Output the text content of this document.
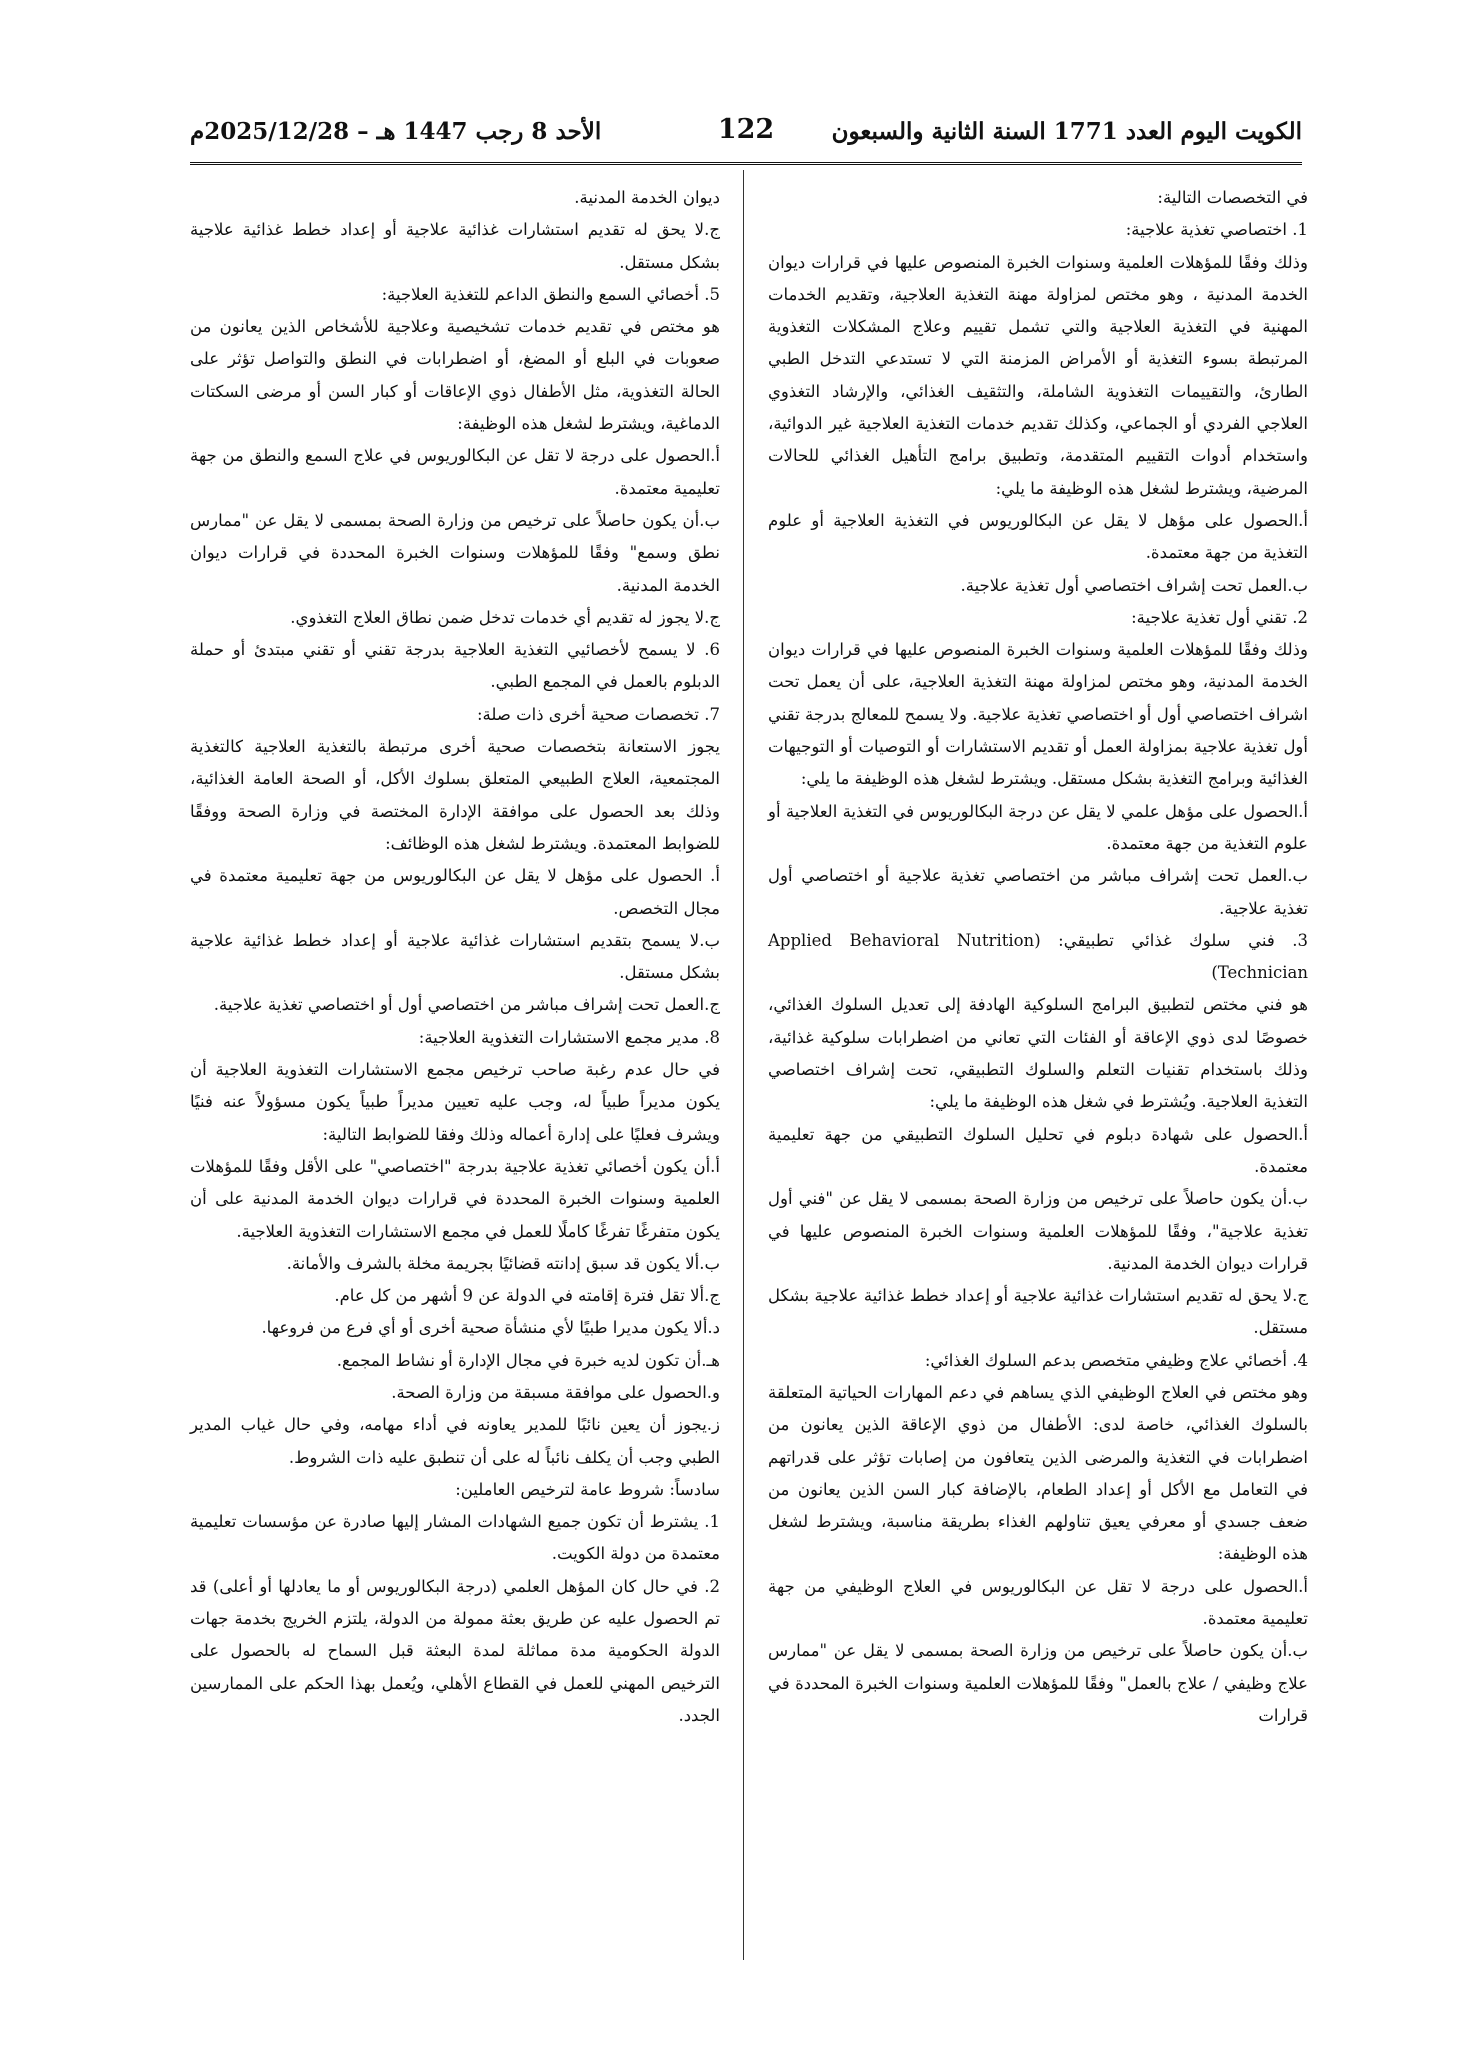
الكويت اليوم العدد 1771 السنة الثانية والسبعون
122
الأحد 8 رجب 1447 هـ – 2025/12/28م

في التخصصات التالية:

1. اختصاصي تغذية علاجية:

وذلك وفقًا للمؤهلات العلمية وسنوات الخبرة المنصوص عليها في قرارات ديوان الخدمة المدنية ، وهو مختص لمزاولة مهنة التغذية العلاجية، وتقديم الخدمات المهنية في التغذية العلاجية والتي تشمل تقييم وعلاج المشكلات التغذوية المرتبطة بسوء التغذية أو الأمراض المزمنة التي لا تستدعي التدخل الطبي الطارئ، والتقييمات التغذوية الشاملة، والتثقيف الغذائي، والإرشاد التغذوي العلاجي الفردي أو الجماعي، وكذلك تقديم خدمات التغذية العلاجية غير الدوائية، واستخدام أدوات التقييم المتقدمة، وتطبيق برامج التأهيل الغذائي للحالات المرضية، ويشترط لشغل هذه الوظيفة ما يلي:

أ.الحصول على مؤهل لا يقل عن البكالوريوس في التغذية العلاجية أو علوم التغذية من جهة معتمدة.

ب.العمل تحت إشراف اختصاصي أول تغذية علاجية.

2. تقني أول تغذية علاجية:

وذلك وفقًا للمؤهلات العلمية وسنوات الخبرة المنصوص عليها في قرارات ديوان الخدمة المدنية، وهو مختص لمزاولة مهنة التغذية العلاجية، على أن يعمل تحت اشراف اختصاصي أول أو اختصاصي تغذية علاجية. ولا يسمح للمعالج بدرجة تقني أول تغذية علاجية بمزاولة العمل أو تقديم الاستشارات أو التوصيات أو التوجيهات الغذائية وبرامج التغذية بشكل مستقل. ويشترط لشغل هذه الوظيفة ما يلي:

أ.الحصول على مؤهل علمي لا يقل عن درجة البكالوريوس في التغذية العلاجية أو علوم التغذية من جهة معتمدة.

ب.العمل تحت إشراف مباشر من اختصاصي تغذية علاجية أو اختصاصي أول تغذية علاجية.

3. فني سلوك غذائي تطبيقي: (Applied Behavioral Nutrition Technician)

هو فني مختص لتطبيق البرامج السلوكية الهادفة إلى تعديل السلوك الغذائي، خصوصًا لدى ذوي الإعاقة أو الفئات التي تعاني من اضطرابات سلوكية غذائية، وذلك باستخدام تقنيات التعلم والسلوك التطبيقي، تحت إشراف اختصاصي التغذية العلاجية. ويُشترط في شغل هذه الوظيفة ما يلي:

أ.الحصول على شهادة دبلوم في تحليل السلوك التطبيقي من جهة تعليمية معتمدة.

ب.أن يكون حاصلاً على ترخيص من وزارة الصحة بمسمى لا يقل عن "فني أول تغذية علاجية"، وفقًا للمؤهلات العلمية وسنوات الخبرة المنصوص عليها في قرارات ديوان الخدمة المدنية.

ج.لا يحق له تقديم استشارات غذائية علاجية أو إعداد خطط غذائية علاجية بشكل مستقل.

4. أخصائي علاج وظيفي متخصص بدعم السلوك الغذائي:

وهو مختص في العلاج الوظيفي الذي يساهم في دعم المهارات الحياتية المتعلقة بالسلوك الغذائي، خاصة لدى: الأطفال من ذوي الإعاقة الذين يعانون من اضطرابات في التغذية والمرضى الذين يتعافون من إصابات تؤثر على قدراتهم في التعامل مع الأكل أو إعداد الطعام، بالإضافة كبار السن الذين يعانون من ضعف جسدي أو معرفي يعيق تناولهم الغذاء بطريقة مناسبة، ويشترط لشغل هذه الوظيفة:

أ.الحصول على درجة لا تقل عن البكالوريوس في العلاج الوظيفي من جهة تعليمية معتمدة.

ب.أن يكون حاصلاً على ترخيص من وزارة الصحة بمسمى لا يقل عن "ممارس علاج وظيفي / علاج بالعمل" وفقًا للمؤهلات العلمية وسنوات الخبرة المحددة في قرارات

ديوان الخدمة المدنية.

ج.لا يحق له تقديم استشارات غذائية علاجية أو إعداد خطط غذائية علاجية بشكل مستقل.

5. أخصائي السمع والنطق الداعم للتغذية العلاجية:

هو مختص في تقديم خدمات تشخيصية وعلاجية للأشخاص الذين يعانون من صعوبات في البلع أو المضغ، أو اضطرابات في النطق والتواصل تؤثر على الحالة التغذوية، مثل الأطفال ذوي الإعاقات أو كبار السن أو مرضى السكتات الدماغية، ويشترط لشغل هذه الوظيفة:

أ.الحصول على درجة لا تقل عن البكالوريوس في علاج السمع والنطق من جهة تعليمية معتمدة.

ب.أن يكون حاصلاً على ترخيص من وزارة الصحة بمسمى لا يقل عن "ممارس نطق وسمع" وفقًا للمؤهلات وسنوات الخبرة المحددة في قرارات ديوان الخدمة المدنية.

ج.لا يجوز له تقديم أي خدمات تدخل ضمن نطاق العلاج التغذوي.

6. لا يسمح لأخصائيي التغذية العلاجية بدرجة تقني أو تقني مبتدئ أو حملة الدبلوم بالعمل في المجمع الطبي.

7. تخصصات صحية أخرى ذات صلة:

يجوز الاستعانة بتخصصات صحية أخرى مرتبطة بالتغذية العلاجية كالتغذية المجتمعية، العلاج الطبيعي المتعلق بسلوك الأكل، أو الصحة العامة الغذائية، وذلك بعد الحصول على موافقة الإدارة المختصة في وزارة الصحة ووفقًا للضوابط المعتمدة. ويشترط لشغل هذه الوظائف:

أ. الحصول على مؤهل لا يقل عن البكالوريوس من جهة تعليمية معتمدة في مجال التخصص.

ب.لا يسمح بتقديم استشارات غذائية علاجية أو إعداد خطط غذائية علاجية بشكل مستقل.

ج.العمل تحت إشراف مباشر من اختصاصي أول أو اختصاصي تغذية علاجية.

8. مدير مجمع الاستشارات التغذوية العلاجية:

في حال عدم رغبة صاحب ترخيص مجمع الاستشارات التغذوية العلاجية أن يكون مديراً طبياً له، وجب عليه تعيين مديراً طبياً يكون مسؤولاً عنه فنيًا ويشرف فعليًا على إدارة أعماله وذلك وفقا للضوابط التالية:

أ.أن يكون أخصائي تغذية علاجية بدرجة "اختصاصي" على الأقل وفقًا للمؤهلات العلمية وسنوات الخبرة المحددة في قرارات ديوان الخدمة المدنية على أن يكون متفرغًا تفرغًا كاملًا للعمل في مجمع الاستشارات التغذوية العلاجية.

ب.ألا يكون قد سبق إدانته قضائيًا بجريمة مخلة بالشرف والأمانة.

ج.ألا تقل فترة إقامته في الدولة عن 9 أشهر من كل عام.

د.ألا يكون مديرا طبيًا لأي منشأة صحية أخرى أو أي فرع من فروعها.

هـ.أن تكون لديه خبرة في مجال الإدارة أو نشاط المجمع.

و.الحصول على موافقة مسبقة من وزارة الصحة.

ز.يجوز أن يعين نائبًا للمدير يعاونه في أداء مهامه، وفي حال غياب المدير الطبي وجب أن يكلف نائباً له على أن تنطبق عليه ذات الشروط.

سادساً: شروط عامة لترخيص العاملين:

1. يشترط أن تكون جميع الشهادات المشار إليها صادرة عن مؤسسات تعليمية معتمدة من دولة الكويت.

2. في حال كان المؤهل العلمي (درجة البكالوريوس أو ما يعادلها أو أعلى) قد تم الحصول عليه عن طريق بعثة ممولة من الدولة، يلتزم الخريج بخدمة جهات الدولة الحكومية مدة مماثلة لمدة البعثة قبل السماح له بالحصول على الترخيص المهني للعمل في القطاع الأهلي، ويُعمل بهذا الحكم على الممارسين الجدد.
